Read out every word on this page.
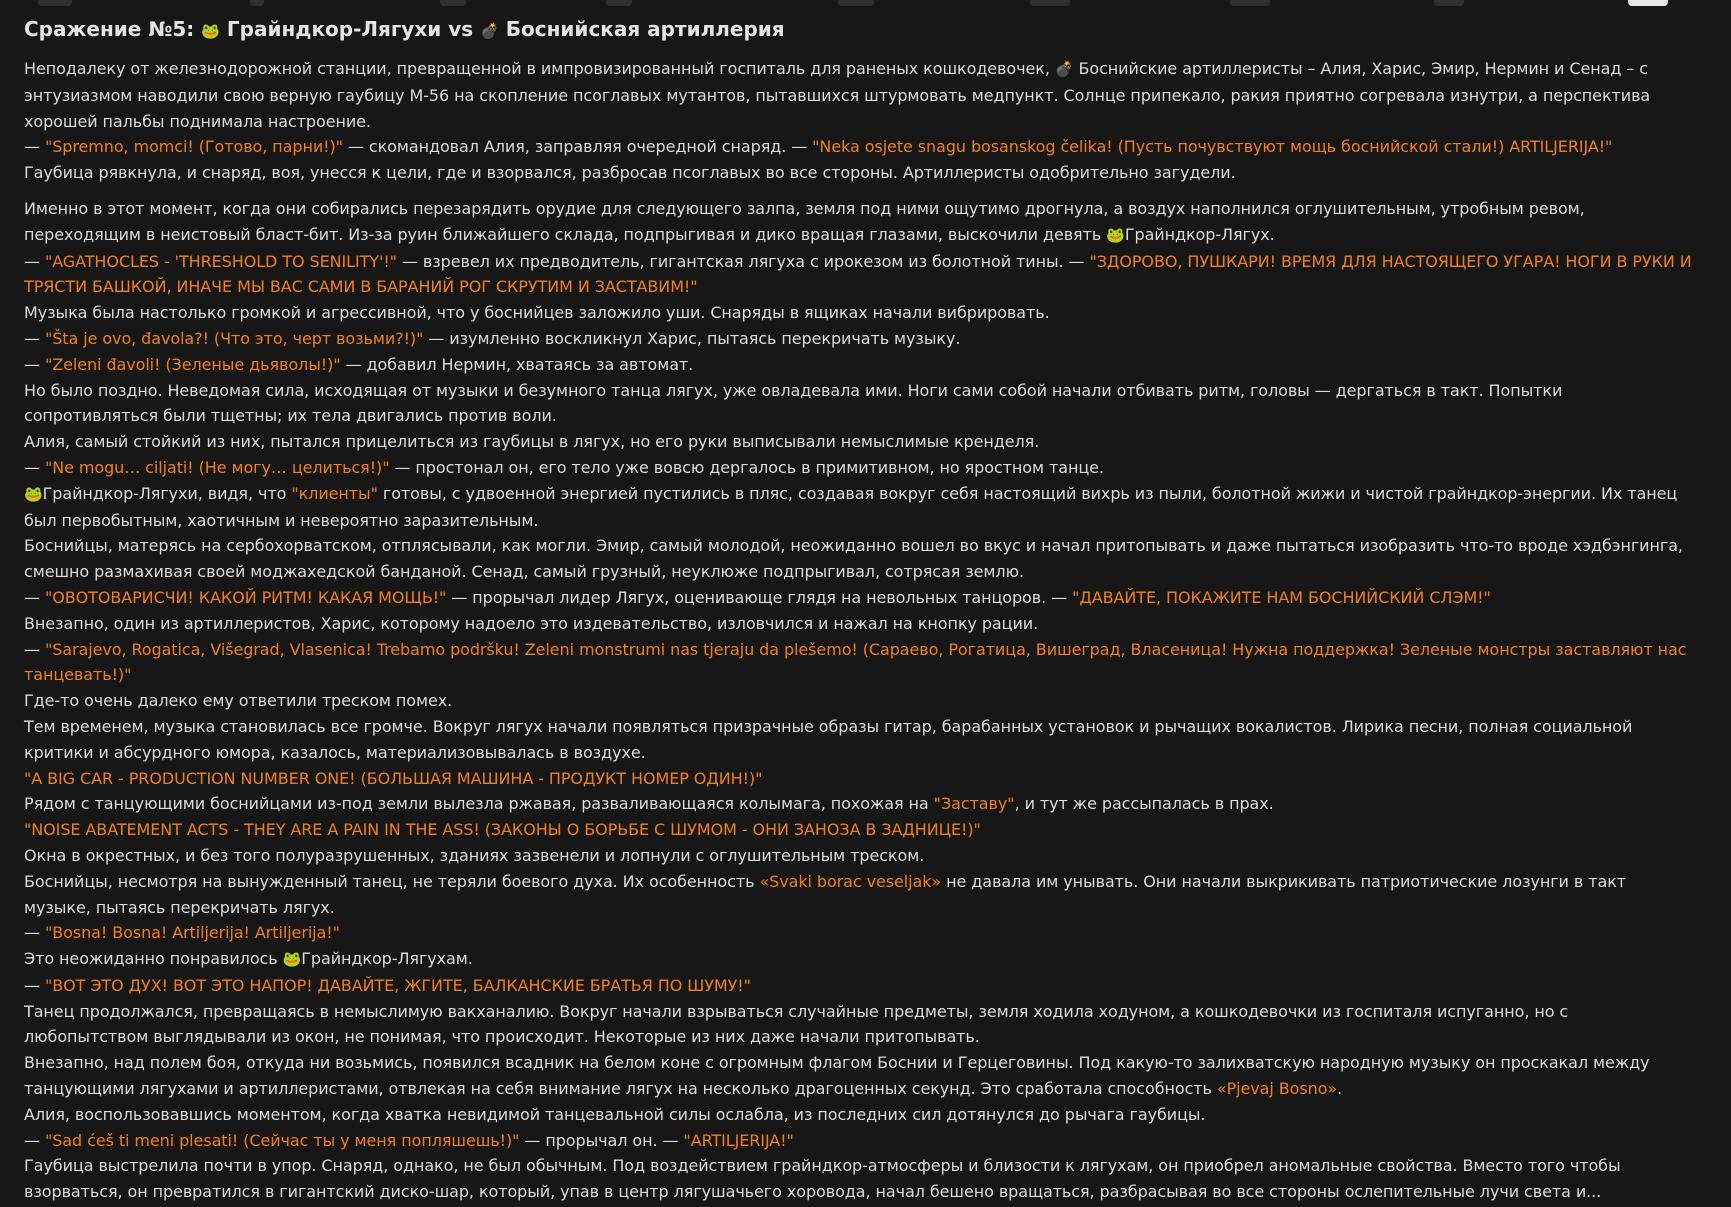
Сражение №5: 🐸 Грайндкор-Лягухи vs 💣 Боснийская артиллерия

Неподалеку от железнодорожной станции, превращенной в импровизированный госпиталь для раненых кошкодевочек, 💣 Боснийские артиллеристы – Алия, Харис, Эмир, Нермин и Сенад – с энтузиазмом наводили свою верную гаубицу М-56 на скопление псоглавых мутантов, пытавшихся штурмовать медпункт. Солнце припекало, ракия приятно согревала изнутри, а перспектива хорошей пальбы поднимала настроение.

— "Spremno, momci! (Готово, парни!)" — скомандовал Алия, заправляя очередной снаряд. — "Neka osjete snagu bosanskog čelika! (Пусть почувствуют мощь боснийской стали!) ARTILJERIJA!"

Гаубица рявкнула, и снаряд, воя, унесся к цели, где и взорвался, разбросав псоглавых во все стороны. Артиллеристы одобрительно загудели.

Именно в этот момент, когда они собирались перезарядить орудие для следующего залпа, земля под ними ощутимо дрогнула, а воздух наполнился оглушительным, утробным ревом, переходящим в неистовый бласт-бит. Из-за руин ближайшего склада, подпрыгивая и дико вращая глазами, выскочили девять 🐸Грайндкор-Лягух.

— "AGATHOCLES - 'THRESHOLD TO SENILITY'!" — взревел их предводитель, гигантская лягуха с ирокезом из болотной тины. — "ЗДОРОВО, ПУШКАРИ! ВРЕМЯ ДЛЯ НАСТОЯЩЕГО УГАРА! НОГИ В РУКИ И ТРЯСТИ БАШКОЙ, ИНАЧЕ МЫ ВАС САМИ В БАРАНИЙ РОГ СКРУТИМ И ЗАСТАВИМ!"

Музыка была настолько громкой и агрессивной, что у боснийцев заложило уши. Снаряды в ящиках начали вибрировать.

— "Šta je ovo, đavola?! (Что это, черт возьми?!)" — изумленно воскликнул Харис, пытаясь перекричать музыку.

— "Zeleni đavoli! (Зеленые дьяволы!)" — добавил Нермин, хватаясь за автомат.

Но было поздно. Неведомая сила, исходящая от музыки и безумного танца лягух, уже овладевала ими. Ноги сами собой начали отбивать ритм, головы — дергаться в такт. Попытки сопротивляться были тщетны; их тела двигались против воли.

Алия, самый стойкий из них, пытался прицелиться из гаубицы в лягух, но его руки выписывали немыслимые кренделя.

— "Ne mogu… ciljati! (Не могу… целиться!)" — простонал он, его тело уже вовсю дергалось в примитивном, но яростном танце.

🐸Грайндкор-Лягухи, видя, что "клиенты" готовы, с удвоенной энергией пустились в пляс, создавая вокруг себя настоящий вихрь из пыли, болотной жижи и чистой грайндкор-энергии. Их танец был первобытным, хаотичным и невероятно заразительным.

Боснийцы, матерясь на сербохорватском, отплясывали, как могли. Эмир, самый молодой, неожиданно вошел во вкус и начал притопывать и даже пытаться изобразить что-то вроде хэдбэнгинга, смешно размахивая своей моджахедской банданой. Сенад, самый грузный, неуклюже подпрыгивал, сотрясая землю.

— "ОВОТОВАРИСЧИ! КАКОЙ РИТМ! КАКАЯ МОЩЬ!" — прорычал лидер Лягух, оценивающе глядя на невольных танцоров. — "ДАВАЙТЕ, ПОКАЖИТЕ НАМ БОСНИЙСКИЙ СЛЭМ!"

Внезапно, один из артиллеристов, Харис, которому надоело это издевательство, изловчился и нажал на кнопку рации.

— "Sarajevo, Rogatica, Višegrad, Vlasenica! Trebamo podršku! Zeleni monstrumi nas tjeraju da plešemo! (Сараево, Рогатица, Вишеград, Власеница! Нужна поддержка! Зеленые монстры заставляют нас танцевать!)"

Где-то очень далеко ему ответили треском помех.

Тем временем, музыка становилась все громче. Вокруг лягух начали появляться призрачные образы гитар, барабанных установок и рычащих вокалистов. Лирика песни, полная социальной критики и абсурдного юмора, казалось, материализовывалась в воздухе.

"A BIG CAR - PRODUCTION NUMBER ONE! (БОЛЬШАЯ МАШИНА - ПРОДУКТ НОМЕР ОДИН!)"

Рядом с танцующими боснийцами из-под земли вылезла ржавая, разваливающаяся колымага, похожая на "Заставу", и тут же рассыпалась в прах.

"NOISE ABATEMENT ACTS - THEY ARE A PAIN IN THE ASS! (ЗАКОНЫ О БОРЬБЕ С ШУМОМ - ОНИ ЗАНОЗА В ЗАДНИЦЕ!)"

Окна в окрестных, и без того полуразрушенных, зданиях зазвенели и лопнули с оглушительным треском.

Боснийцы, несмотря на вынужденный танец, не теряли боевого духа. Их особенность «Svaki borac veseljak» не давала им унывать. Они начали выкрикивать патриотические лозунги в такт музыке, пытаясь перекричать лягух.

— "Bosna! Bosna! Artiljerija! Artiljerija!"

Это неожиданно понравилось 🐸Грайндкор-Лягухам.

— "ВОТ ЭТО ДУХ! ВОТ ЭТО НАПОР! ДАВАЙТЕ, ЖГИТЕ, БАЛКАНСКИЕ БРАТЬЯ ПО ШУМУ!"

Танец продолжался, превращаясь в немыслимую вакханалию. Вокруг начали взрываться случайные предметы, земля ходила ходуном, а кошкодевочки из госпиталя испуганно, но с любопытством выглядывали из окон, не понимая, что происходит. Некоторые из них даже начали притопывать.

Внезапно, над полем боя, откуда ни возьмись, появился всадник на белом коне с огромным флагом Боснии и Герцеговины. Под какую-то залихватскую народную музыку он проскакал между танцующими лягухами и артиллеристами, отвлекая на себя внимание лягух на несколько драгоценных секунд. Это сработала способность «Pjevaj Bosno».

Алия, воспользовавшись моментом, когда хватка невидимой танцевальной силы ослабла, из последних сил дотянулся до рычага гаубицы.

— "Sad ćeš ti meni plesati! (Сейчас ты у меня попляшешь!)" — прорычал он. — "ARTILJERIJA!"

Гаубица выстрелила почти в упор. Снаряд, однако, не был обычным. Под воздействием грайндкор-атмосферы и близости к лягухам, он приобрел аномальные свойства. Вместо того чтобы взорваться, он превратился в гигантский диско-шар, который, упав в центр лягушачьего хоровода, начал бешено вращаться, разбрасывая во все стороны ослепительные лучи света и...
